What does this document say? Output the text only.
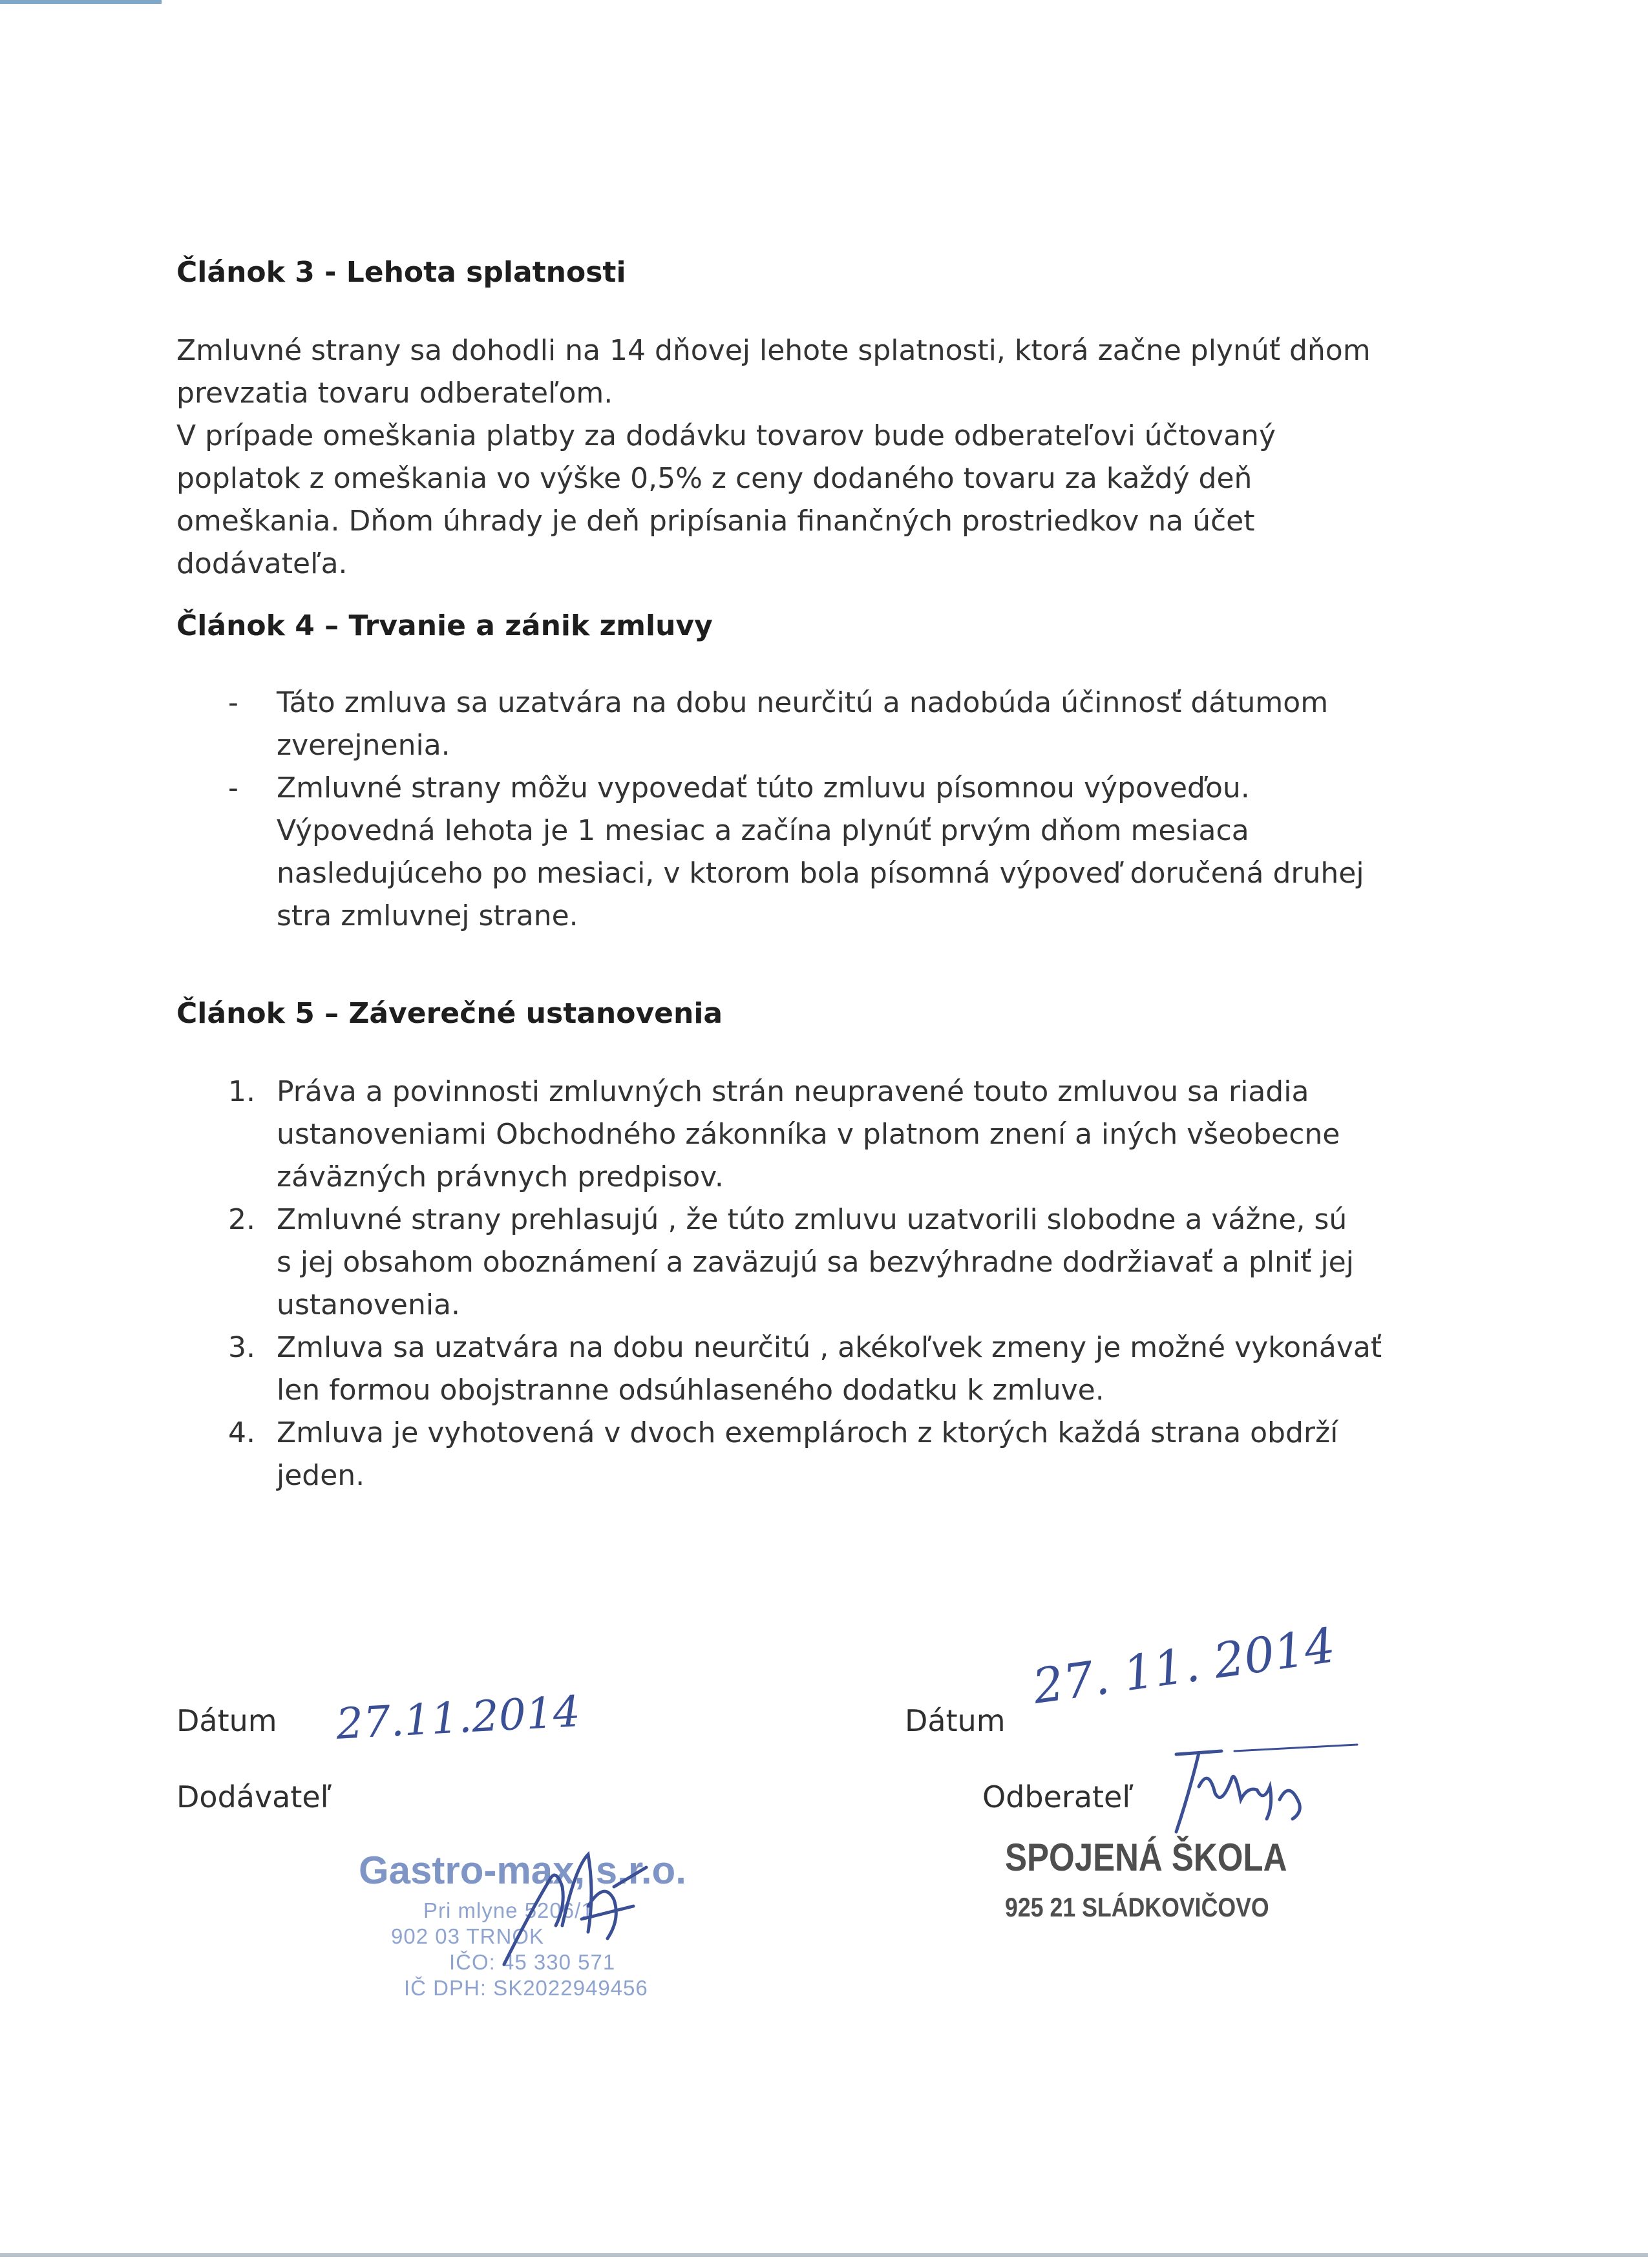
Článok 3 - Lehota splatnosti
Zmluvné strany sa dohodli na 14 dňovej lehote splatnosti, ktorá začne plynúť dňom
prevzatia tovaru odberateľom.
V prípade omeškania platby za dodávku tovarov bude odberateľovi účtovaný
poplatok z omeškania vo výške 0,5% z ceny dodaného tovaru za každý deň
omeškania. Dňom úhrady je deň pripísania finančných prostriedkov na účet
dodávateľa.
Článok 4 – Trvanie a zánik zmluvy
-	Táto zmluva sa uzatvára na dobu neurčitú a nadobúda účinnosť dátumom
zverejnenia.
-	Zmluvné strany môžu vypovedať túto zmluvu písomnou výpoveďou.
Výpovedná lehota je 1 mesiac a začína plynúť prvým dňom mesiaca
nasledujúceho po mesiaci, v ktorom bola písomná výpoveď doručená druhej
stra zmluvnej strane.
Článok 5 – Záverečné ustanovenia
1. Práva a povinnosti zmluvných strán neupravené touto zmluvou sa riadia
ustanoveniami Obchodného zákonníka v platnom znení a iných všeobecne
záväzných právnych predpisov.
2. Zmluvné strany prehlasujú , že túto zmluvu uzatvorili slobodne a vážne, sú
s jej obsahom oboznámení a zaväzujú sa bezvýhradne dodržiavať a plniť jej
ustanovenia.
3. Zmluva sa uzatvára na dobu neurčitú , akékoľvek zmeny je možné vykonávať
len formou obojstranne odsúhlaseného dodatku k zmluve.
4. Zmluva je vyhotovená v dvoch exemplároch z ktorých každá strana obdrží
jeden.
Dátum 27.11.2014
Dodávateľ
Dátum
27. 11. 2014
Odberateľ
Gastro-max, s.r.o.
Pri mlyne 5206/1
902 03 TRNOK
IČO: 45 330 571
IČ DPH: SK2022949456
SPOJENÁ ŠKOLA
925 21 SLÁDKOVIČOVO
